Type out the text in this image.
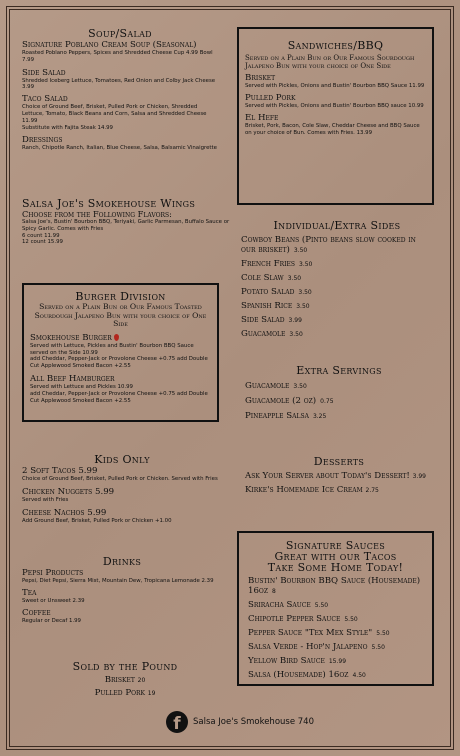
Soup/Salad
Signature Poblano Cream Soup (Seasonal)
Roasted Poblano Peppers, Spices and Shredded Cheese Cup 4.99 Bowl 7.99
Side Salad
Shredded Iceberg Lettuce, Tomatoes, Red Onion and Colby Jack Cheese 3.99
Taco Salad
Choice of Ground Beef, Brisket, Pulled Pork or Chicken, Shredded Lettuce, Tomato, Black Beans and Corn, Salsa and Shredded Cheese 11.99
Substitute with Fajita Steak 14.99
Dressings
Ranch, Chipotle Ranch, Italian, Blue Cheese, Salsa, Balsamic Vinaigrette
Sandwiches/BBQ
Served on a Plain Bun or Our Famous Sourdough Jalapeno Bun with your choice of One Side
Brisket
Served with Pickles, Onions and Bustin' Bourbon BBQ Sauce 11.99
Pulled Pork
Served with Pickles, Onions and Bustin' Bourbon BBQ sauce 10.99
El Hefe
Brisket, Pork, Bacon, Cole Slaw, Cheddar Cheese and BBQ Sauce on your choice of Bun. Comes with Fries. 13.99
Salsa Joe's Smokehouse Wings
Choose from the Following Flavors:
Salsa Joe's, Bustin' Bourbon BBQ, Teriyaki, Garlic Parmesan, Buffalo Sauce or Spicy Garlic. Comes with Fries
6 count 11.99
12 count 15.99
Individual/Extra Sides
Cowboy Beans (Pinto beans slow cooked in our brisket) 3.50
French Fries 3.50
Cole Slaw 3.50
Potato Salad 3.50
Spanish Rice 3.50
Side Salad 3.99
Guacamole 3.50
Burger Division
Served on a Plain Bun or Our Famous Toasted Sourdough Jalapeno Bun with your choice of One Side
Smokehouse Burger
Served with Lettuce, Pickles and Bustin' Bourbon BBQ Sauce served on the Side 10.99
add Cheddar, Pepper-Jack or Provolone Cheese +0.75 add Double Cut Applewood Smoked Bacon +2.55
All Beef Hamburger
Served with Lettuce and Pickles 10.99
add Cheddar, Pepper-Jack or Provolone Cheese +0.75 add Double Cut Applewood Smoked Bacon +2.55
Extra Servings
Guacamole 3.50
Guacamole (2 oz) 0.75
Pineapple Salsa 3.25
Kids Only
2 Soft Tacos 5.99
Choice of Ground Beef, Brisket, Pulled Pork or Chicken. Served with Fries
Chicken Nuggets 5.99
Served with Fries
Cheese Nachos 5.99
Add Ground Beef, Brisket, Pulled Pork or Chicken +1.00
Desserts
Ask Your Server about Today's Dessert! 3.99
Kirke's Homemade Ice Cream 2.75
Drinks
Pepsi Products
Pepsi, Diet Pepsi, Sierra Mist, Mountain Dew, Tropicana Lemonade 2.39
Tea
Sweet or Unsweet 2.39
Coffee
Regular or Decaf 1.99
Signature Sauces
Great with our Tacos
Take Some Home Today!
Bustin' Bourbon BBQ Sauce (Housemade) 16oz 8
Sriracha Sauce 5.50
Chipotle Pepper Sauce 5.50
Pepper Sauce "Tex Mex Style" 5.50
Salsa Verde - Hop'n Jalapeno 5.50
Yellow Bird Sauce 15.99
Salsa (Housemade) 16oz 4.50
Sold by the Pound
Brisket 20
Pulled Pork 19
f	Salsa Joe's Smokehouse 740
